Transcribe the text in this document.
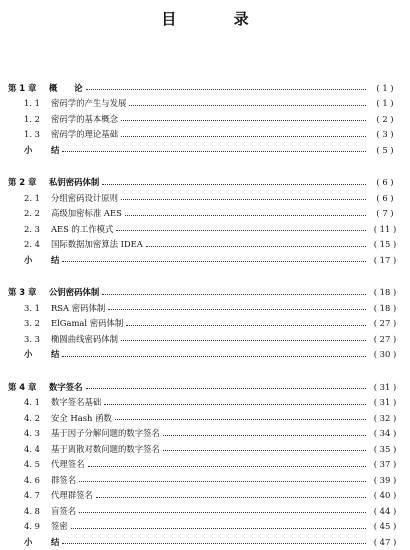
目 录
第 1 章 概　　论	( 1 )
1. 1 密码学的产生与发展	( 1 )
1. 2 密码学的基本概念	( 2 )
1. 3 密码学的理论基础	( 3 )
小 结	( 5 )
第 2 章 私钥密码体制	( 6 )
2. 1 分组密码设计原则	( 6 )
2. 2 高级加密标准 AES	( 7 )
2. 3 AES 的工作模式	( 11 )
2. 4 国际数据加密算法 IDEA	( 15 )
小 结	( 17 )
第 3 章 公钥密码体制	( 18 )
3. 1 RSA 密码体制	( 18 )
3. 2 ElGamal 密码体制	( 27 )
3. 3 椭圆曲线密码体制	( 27 )
小 结	( 30 )
第 4 章 数字签名	( 31 )
4. 1 数字签名基础	( 31 )
4. 2 安全 Hash 函数	( 32 )
4. 3 基于因子分解问题的数字签名	( 34 )
4. 4 基于离散对数问题的数字签名	( 35 )
4. 5 代理签名	( 37 )
4. 6 群签名	( 39 )
4. 7 代理群签名	( 40 )
4. 8 盲签名	( 44 )
4. 9 签密	( 45 )
小 结	( 47 )
